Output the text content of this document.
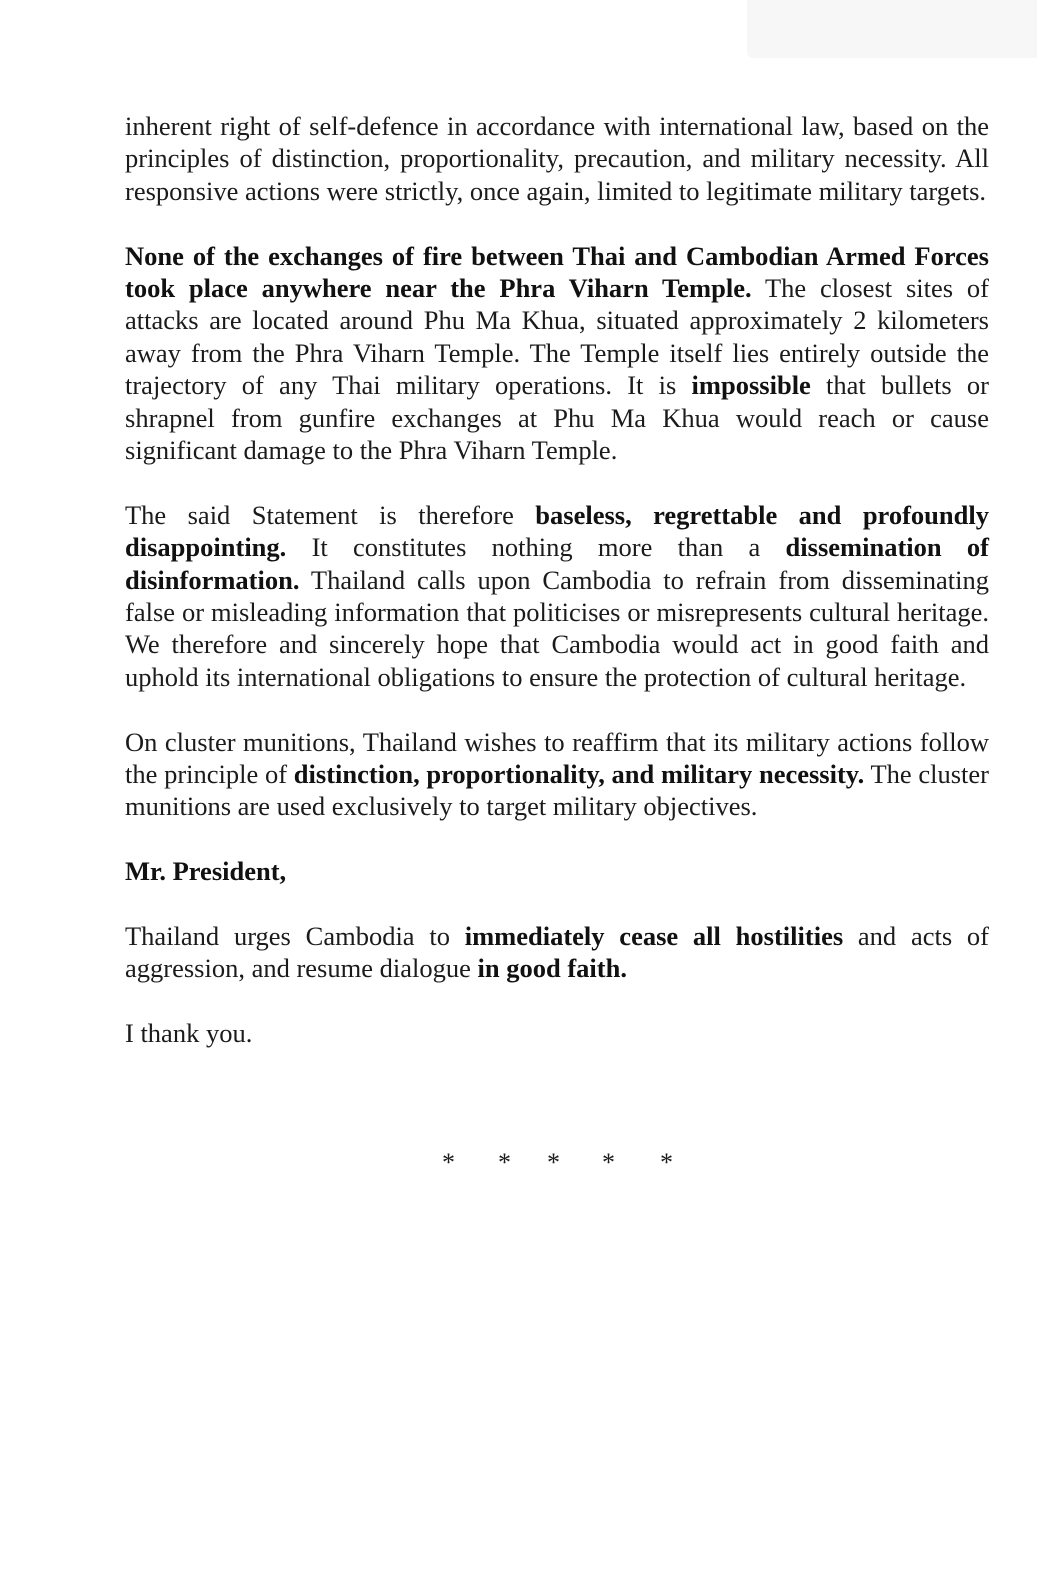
inherent right of self-defence in accordance with international law, based on the principles of distinction, proportionality, precaution, and military necessity. All responsive actions were strictly, once again, limited to legitimate military targets.

None of the exchanges of fire between Thai and Cambodian Armed Forces took place anywhere near the Phra Viharn Temple. The closest sites of attacks are located around Phu Ma Khua, situated approximately 2 kilometers away from the Phra Viharn Temple. The Temple itself lies entirely outside the trajectory of any Thai military operations. It is impossible that bullets or shrapnel from gunfire exchanges at Phu Ma Khua would reach or cause significant damage to the Phra Viharn Temple.

The said Statement is therefore baseless, regrettable and profoundly disappointing. It constitutes nothing more than a dissemination of disinformation. Thailand calls upon Cambodia to refrain from disseminating false or misleading information that politicises or misrepresents cultural heritage. We therefore and sincerely hope that Cambodia would act in good faith and uphold its international obligations to ensure the protection of cultural heritage.

On cluster munitions, Thailand wishes to reaffirm that its military actions follow the principle of distinction, proportionality, and military necessity. The cluster munitions are used exclusively to target military objectives.

Mr. President,

Thailand urges Cambodia to immediately cease all hostilities and acts of aggression, and resume dialogue in good faith.

I thank you.

* * * * *
